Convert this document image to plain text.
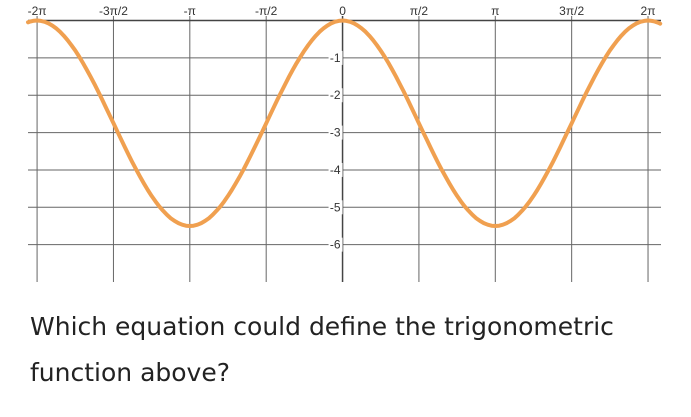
-2π	-3π/2	-π	-π/2	0	π/2	π	3π/2	2π
-1
-2
-3
-4
-5
-6

Which equation could define the trigonometric function above?
